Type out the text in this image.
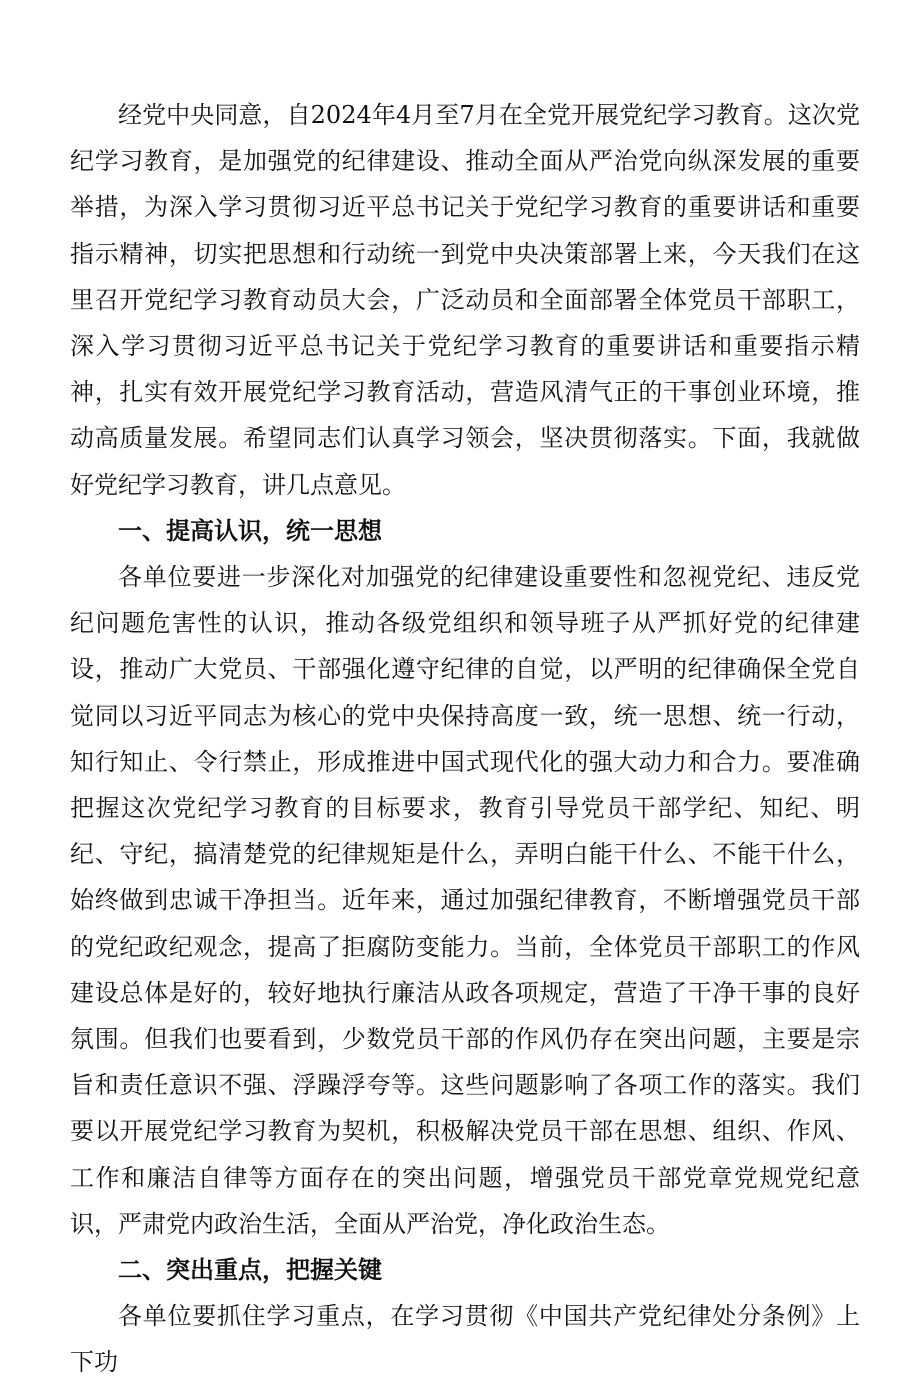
经党中央同意，自2024年4月至7月在全党开展党纪学习教育。这次党纪学习教育，是加强党的纪律建设、推动全面从严治党向纵深发展的重要举措，为深入学习贯彻习近平总书记关于党纪学习教育的重要讲话和重要指示精神，切实把思想和行动统一到党中央决策部署上来，今天我们在这里召开党纪学习教育动员大会，广泛动员和全面部署全体党员干部职工，深入学习贯彻习近平总书记关于党纪学习教育的重要讲话和重要指示精神，扎实有效开展党纪学习教育活动，营造风清气正的干事创业环境，推动高质量发展。希望同志们认真学习领会，坚决贯彻落实。下面，我就做好党纪学习教育，讲几点意见。

一、提高认识，统一思想

各单位要进一步深化对加强党的纪律建设重要性和忽视党纪、违反党纪问题危害性的认识，推动各级党组织和领导班子从严抓好党的纪律建设，推动广大党员、干部强化遵守纪律的自觉，以严明的纪律确保全党自觉同以习近平同志为核心的党中央保持高度一致，统一思想、统一行动，知行知止、令行禁止，形成推进中国式现代化的强大动力和合力。要准确把握这次党纪学习教育的目标要求，教育引导党员干部学纪、知纪、明纪、守纪，搞清楚党的纪律规矩是什么，弄明白能干什么、不能干什么，始终做到忠诚干净担当。近年来，通过加强纪律教育，不断增强党员干部的党纪政纪观念，提高了拒腐防变能力。当前，全体党员干部职工的作风建设总体是好的，较好地执行廉洁从政各项规定，营造了干净干事的良好氛围。但我们也要看到，少数党员干部的作风仍存在突出问题，主要是宗旨和责任意识不强、浮躁浮夸等。这些问题影响了各项工作的落实。我们要以开展党纪学习教育为契机，积极解决党员干部在思想、组织、作风、工作和廉洁自律等方面存在的突出问题，增强党员干部党章党规党纪意识，严肃党内政治生活，全面从严治党，净化政治生态。

二、突出重点，把握关键

各单位要抓住学习重点，在学习贯彻《中国共产党纪律处分条例》上下功
